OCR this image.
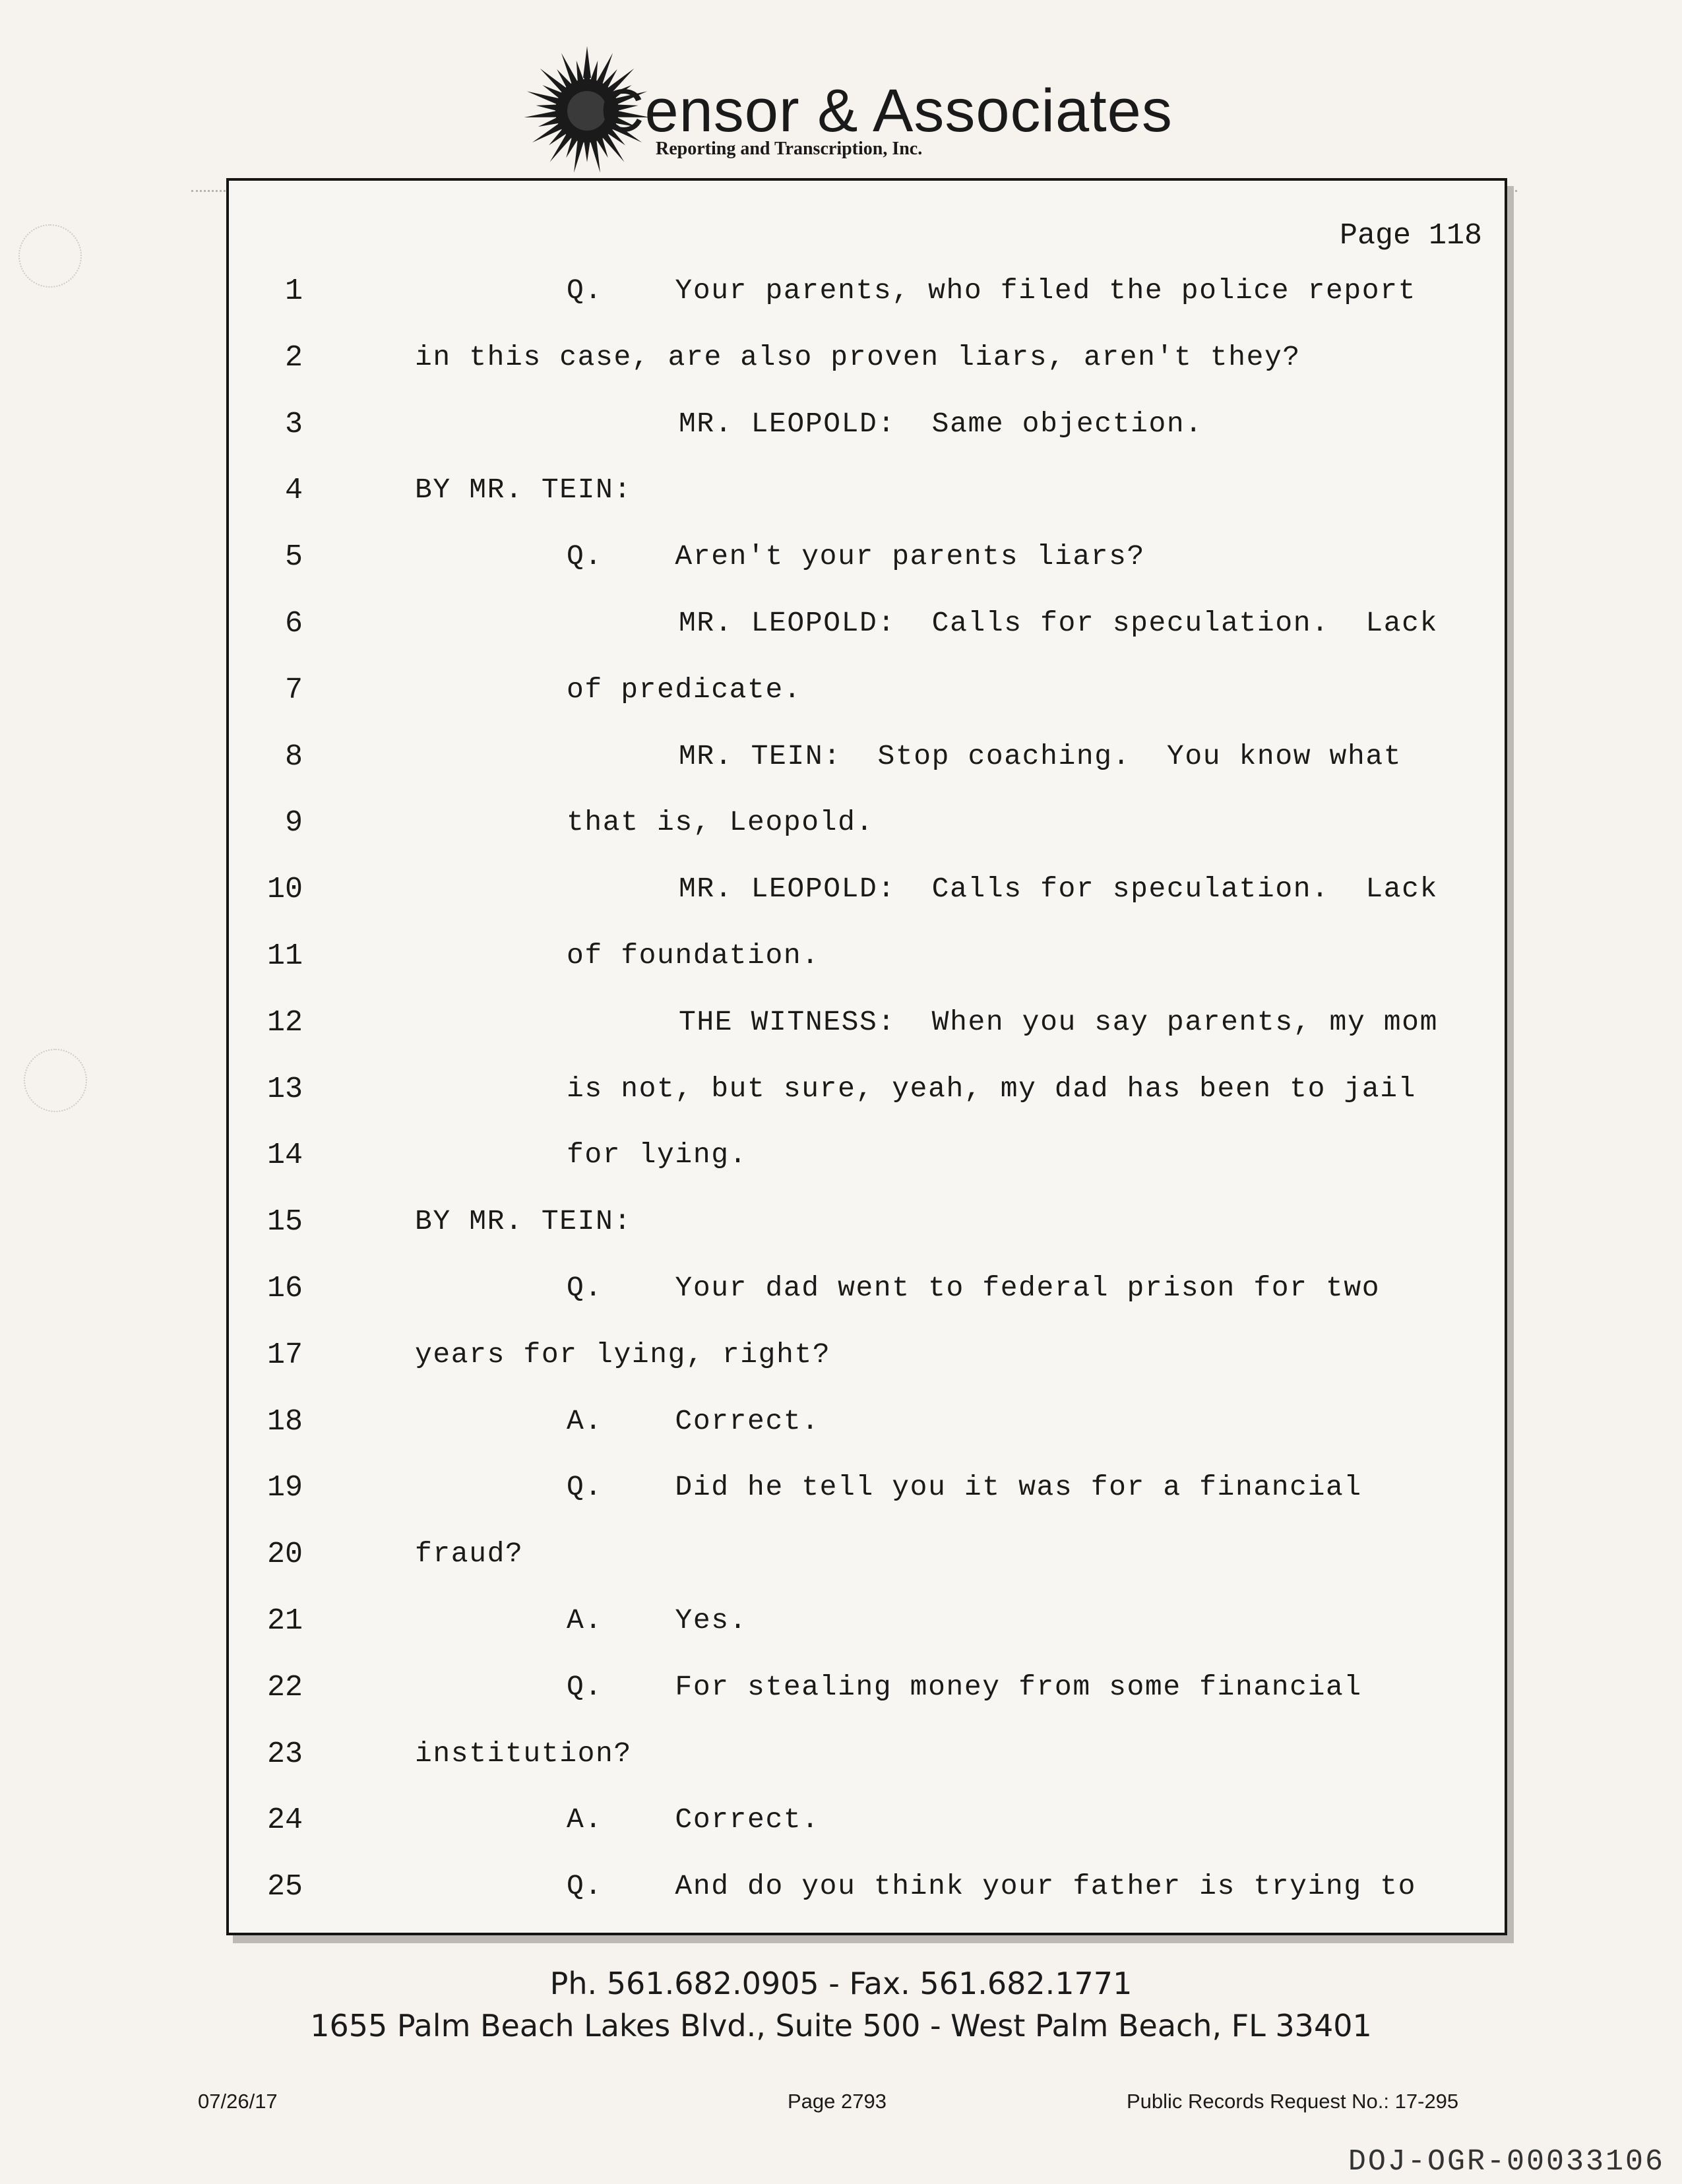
Censor & Associates
Reporting and Transcription, Inc.
Page 118
1	Q.    Your parents, who filed the police report
2	in this case, are also proven liars, aren't they?
3	MR. LEOPOLD:  Same objection.
4	BY MR. TEIN:
5	Q.    Aren't your parents liars?
6	MR. LEOPOLD:  Calls for speculation.  Lack
7	of predicate.
8	MR. TEIN:  Stop coaching.  You know what
9	that is, Leopold.
10	MR. LEOPOLD:  Calls for speculation.  Lack
11	of foundation.
12	THE WITNESS:  When you say parents, my mom
13	is not, but sure, yeah, my dad has been to jail
14	for lying.
15	BY MR. TEIN:
16	Q.    Your dad went to federal prison for two
17	years for lying, right?
18	A.    Correct.
19	Q.    Did he tell you it was for a financial
20	fraud?
21	A.    Yes.
22	Q.    For stealing money from some financial
23	institution?
24	A.    Correct.
25	Q.    And do you think your father is trying to
Ph. 561.682.0905 - Fax. 561.682.1771
1655 Palm Beach Lakes Blvd., Suite 500 - West Palm Beach, FL 33401
07/26/17	Page 2793	Public Records Request No.: 17-295
DOJ-OGR-00033106
